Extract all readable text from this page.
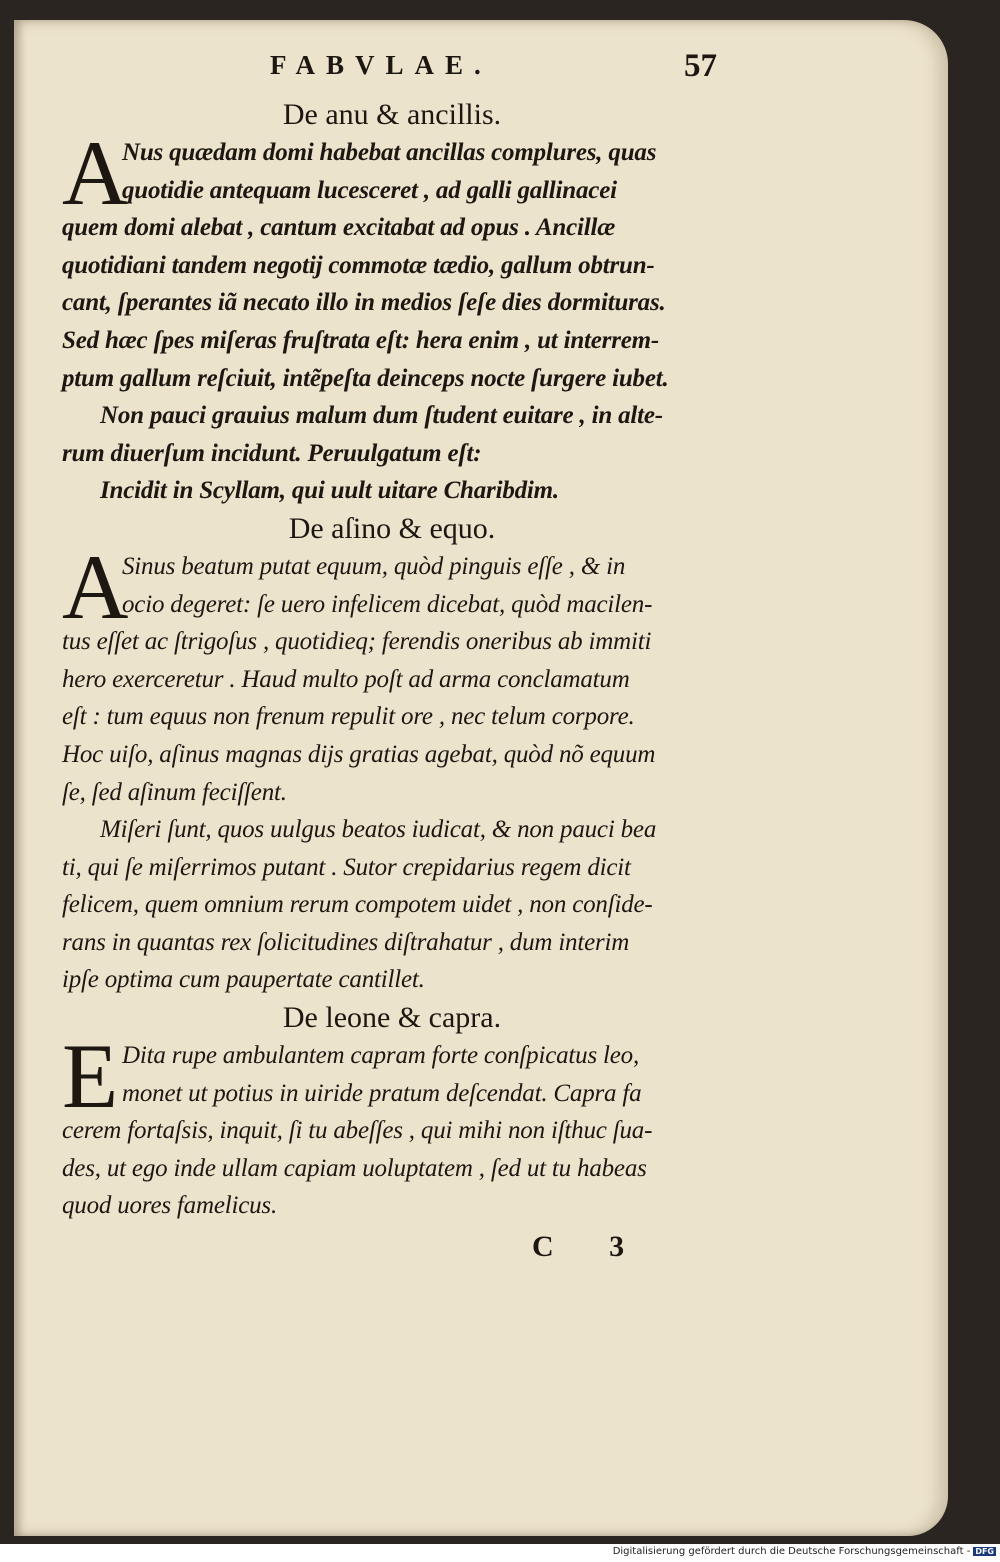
FABVLAE.	57
De anu & ancillis.
A

Nus quædam domi habebat ancillas complures, quas
quotidie antequam lucesceret , ad galli gallinacei
quem domi alebat , cantum excitabat ad opus . Ancillæ
quotidiani tandem negotij commotæ tædio, gallum obtrun-
cant, ſperantes iã necato illo in medios ſeſe dies dormituras.
Sed hæc ſpes miſeras fruſtrata eſt: hera enim , ut interrem-
ptum gallum reſciuit, intẽpeſta deinceps nocte ſurgere iubet.
Non pauci grauius malum dum ſtudent euitare , in alte-
rum diuerſum incidunt. Peruulgatum eſt:
Incidit in Scyllam, qui uult uitare Charibdim.

De aſino & equo.
A

Sinus beatum putat equum, quòd pinguis eſſe , & in
ocio degeret: ſe uero infelicem dicebat, quòd macilen-
tus eſſet ac ſtrigoſus , quotidieq; ferendis oneribus ab immiti
hero exerceretur . Haud multo poſt ad arma conclamatum
eſt : tum equus non frenum repulit ore , nec telum corpore.
Hoc uiſo, aſinus magnas dijs gratias agebat, quòd nõ equum
ſe, ſed aſinum feciſſent.
Miſeri ſunt, quos uulgus beatos iudicat, & non pauci bea
ti, qui ſe miſerrimos putant . Sutor crepidarius regem dicit
felicem, quem omnium rerum compotem uidet , non conſide-
rans in quantas rex ſolicitudines diſtrahatur , dum interim
ipſe optima cum paupertate cantillet.

De leone & capra.
E Dita rupe ambulantem capram forte conſpicatus leo,
monet ut potius in uiride pratum deſcendat. Capra fa
cerem fortaſsis, inquit, ſi tu abeſſes , qui mihi non iſthuc ſua-
des, ut ego inde ullam capiam uoluptatem , ſed ut tu habeas
quod uores famelicus.

C 3
Digitalisierung gefördert durch die Deutsche Forschungsgemeinschaft - DFG
